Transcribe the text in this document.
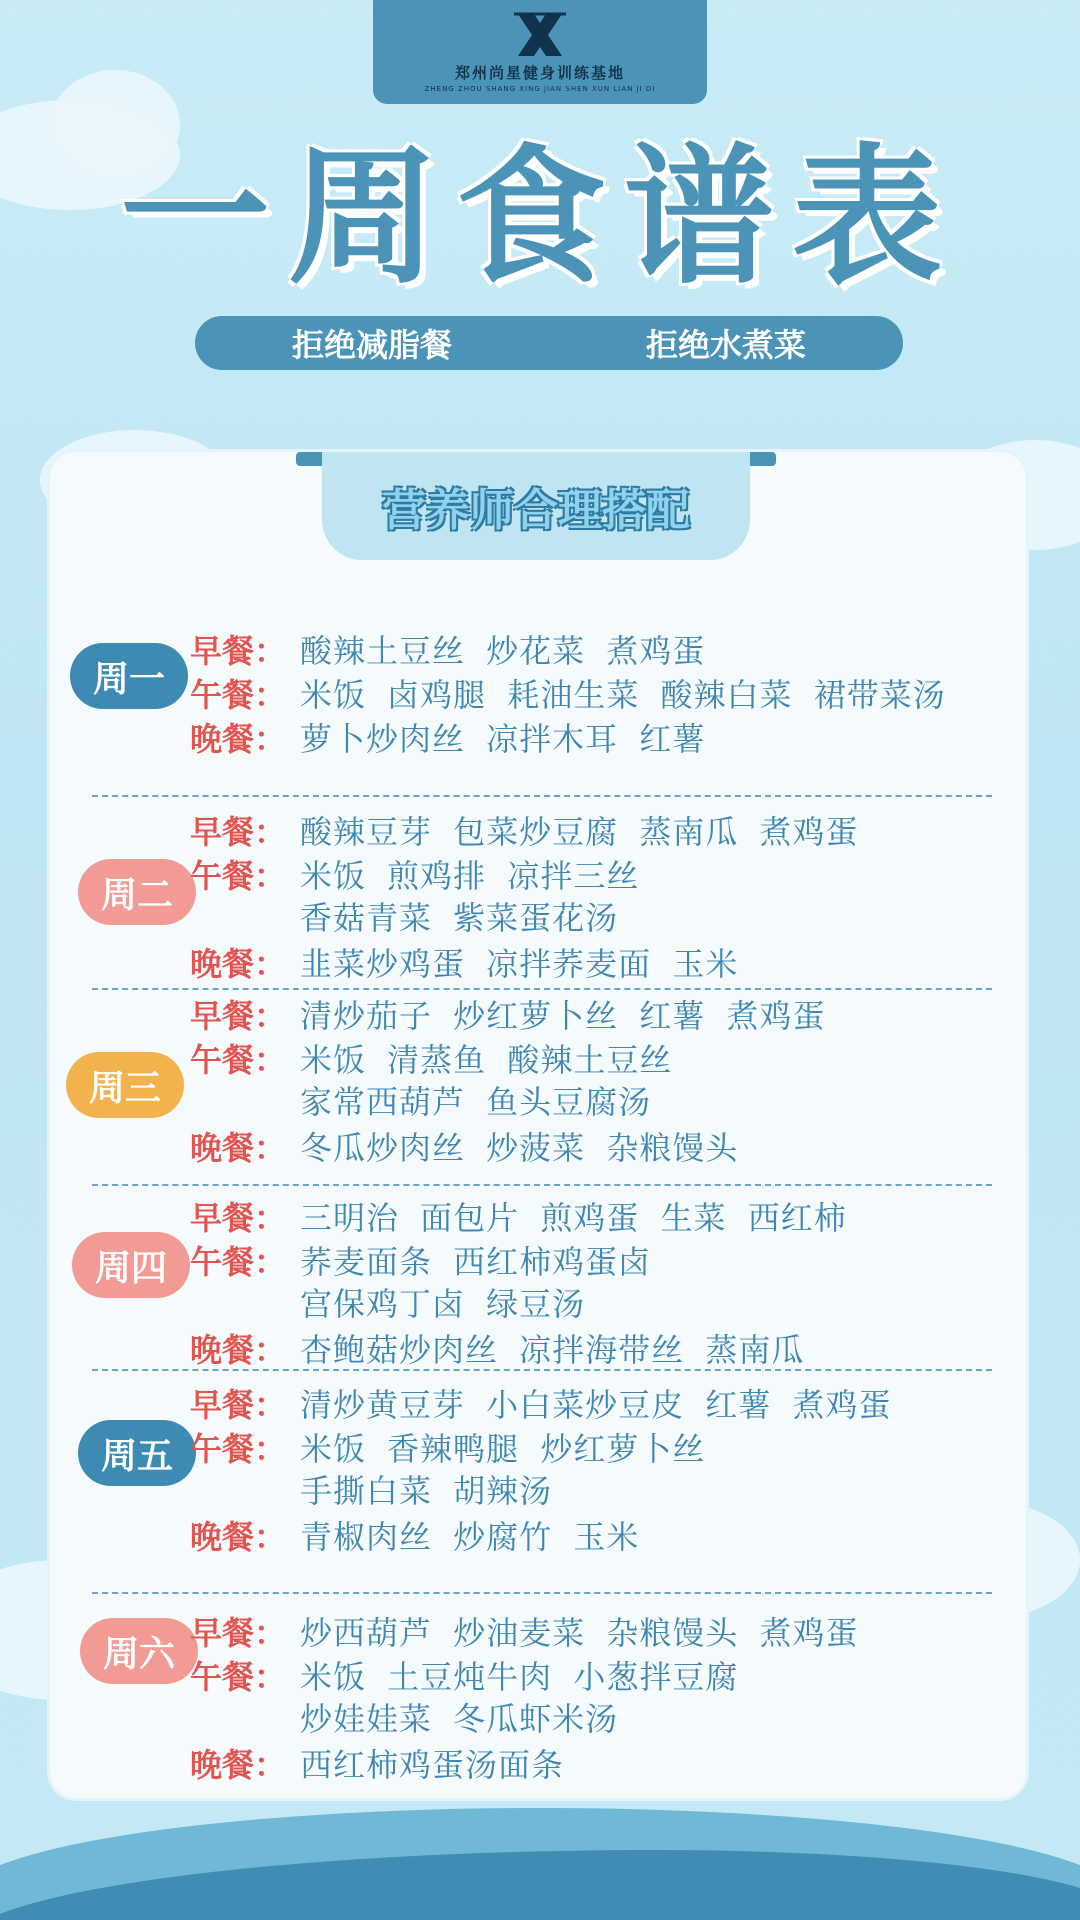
郑州尚星健身训练基地
ZHENG ZHOU SHANG XING JIAN SHEN XUN LIAN JI DI
一周食谱表
拒绝减脂餐	拒绝水煮菜
营养师合理搭配
周一
早餐： 酸辣土豆丝 炒花菜 煮鸡蛋
午餐： 米饭 卤鸡腿 耗油生菜 酸辣白菜 裙带菜汤
晚餐： 萝卜炒肉丝 凉拌木耳 红薯
周二
早餐： 酸辣豆芽 包菜炒豆腐 蒸南瓜 煮鸡蛋
午餐： 米饭 煎鸡排 凉拌三丝
香菇青菜 紫菜蛋花汤
晚餐： 韭菜炒鸡蛋 凉拌荞麦面 玉米
周三
早餐： 清炒茄子 炒红萝卜丝 红薯 煮鸡蛋
午餐： 米饭 清蒸鱼 酸辣土豆丝
家常西葫芦 鱼头豆腐汤
晚餐： 冬瓜炒肉丝 炒菠菜 杂粮馒头
周四
早餐： 三明治 面包片 煎鸡蛋 生菜 西红柿
午餐： 荞麦面条 西红柿鸡蛋卤
宫保鸡丁卤 绿豆汤
晚餐： 杏鲍菇炒肉丝 凉拌海带丝 蒸南瓜
周五
早餐： 清炒黄豆芽 小白菜炒豆皮 红薯 煮鸡蛋
午餐： 米饭 香辣鸭腿 炒红萝卜丝
手撕白菜 胡辣汤
晚餐： 青椒肉丝 炒腐竹 玉米
周六
早餐： 炒西葫芦 炒油麦菜 杂粮馒头 煮鸡蛋
午餐： 米饭 土豆炖牛肉 小葱拌豆腐
炒娃娃菜 冬瓜虾米汤
晚餐： 西红柿鸡蛋汤面条
